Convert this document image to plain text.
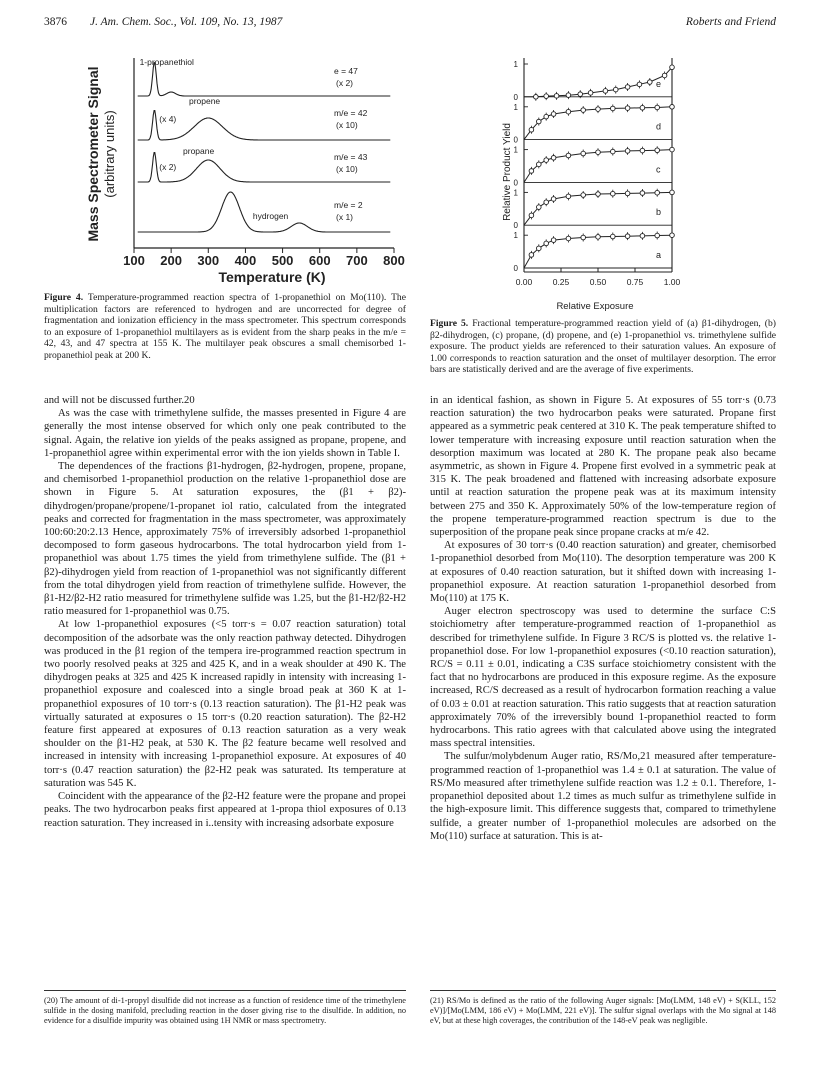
3876 J. Am. Chem. Soc., Vol. 109, No. 13, 1987	Roberts and Friend
100 200 300 400 500 600 700 800
1-propanethiol
e = 47
(x 2)
propene
m/e = 42
(x 10)
(x 4)
propane
m/e = 43
(x 10)
(x 2)
hydrogen
m/e = 2
(x 1)
Mass Spectrometer Signal (arbitrary units)
Temperature (K)
Figure 4. Temperature-programmed reaction spectra of 1-propanethiol on Mo(110). The multiplication factors are referenced to hydrogen and are uncorrected for degree of fragmentation and ionization efficiency in the mass spectrometer. This spectrum corresponds to an exposure of 1-propanethiol multilayers as is evident from the sharp peaks in the m/e = 42, 43, and 47 spectra at 155 K. The multilayer peak obscures a small chemisorbed 1-propanethiol peak at 200 K.
0.00 0.25 0.50 0.75 1.00
0
1
e
0
1
d
0
1
c
0
1
b
0
1
a
Relative Product Yield
Relative Exposure
Figure 5. Fractional temperature-programmed reaction yield of (a) β1-dihydrogen, (b) β2-dihydrogen, (c) propane, (d) propene, and (e) 1-propanethiol vs. trimethylene sulfide exposure. The product yields are referenced to their saturation values. An exposure of 1.00 corresponds to reaction saturation and the onset of multilayer desorption. The error bars are statistically derived and are the average of five experiments.

and will not be discussed further.20

As was the case with trimethylene sulfide, the masses presented in Figure 4 are generally the most intense observed for which only one peak contributed to the signal. Again, the relative ion yields of the peaks assigned as propane, propene, and 1-propanethiol agree within experimental error with the ion yields shown in Table I.

The dependences of the fractions β1-hydrogen, β2-hydrogen, propene, propane, and chemisorbed 1-propanethiol production on the relative 1-propanethiol dose are shown in Figure 5. At saturation exposures, the (β1 + β2)-dihydrogen/propane/propene/1-propanet iol ratio, calculated from the integrated peaks and corrected for fragmentation in the mass spectrometer, was approximately 100:60:20:2.13 Hence, approximately 75% of irreversibly adsorbed 1-propanethiol decomposed to form gaseous hydrocarbons. The total hydrocarbon yield from 1-propanethiol was about 1.75 times the yield from trimethylene sulfide. The (β1 + β2)-dihydrogen yield from reaction of 1-propanethiol was not significantly different from the total dihydrogen yield from reaction of trimethylene sulfide. However, the β1-H2/β2-H2 ratio measured for trimethylene sulfide was 1.25, but the β1-H2/β2-H2 ratio measured for 1-propanethiol was 0.75.

At low 1-propanethiol exposures (<5 torr·s = 0.07 reaction saturation) total decomposition of the adsorbate was the only reaction pathway detected. Dihydrogen was produced in the β1 region of the tempera ire-programmed reaction spectrum in two poorly resolved peaks at 325 and 425 K, and in a weak shoulder at 490 K. The dihydrogen peaks at 325 and 425 K increased rapidly in intensity with increasing 1-propanethiol exposure and coalesced into a single broad peak at 360 K at 1-propanethiol exposures of 10 torr·s (0.13 reaction saturation). The β1-H2 peak was virtually saturated at exposures o 15 torr·s (0.20 reaction saturation). The β2-H2 feature first appeared at exposures of 0.13 reaction saturation as a very weak shoulder on the β1-H2 peak, at 530 K. The β2 feature became well resolved and increased in intensity with increasing 1-propanethiol exposure. At exposures of 40 torr·s (0.47 reaction saturation) the β2-H2 peak was saturated. Its temperature at saturation was 545 K.

Coincident with the appearance of the β2-H2 feature were the propane and propei peaks. The two hydrocarbon peaks first appeared at 1-propa thiol exposures of 0.13 reaction saturation. They increased in i..tensity with increasing adsorbate exposure

in an identical fashion, as shown in Figure 5. At exposures of 55 torr·s (0.73 reaction saturation) the two hydrocarbon peaks were saturated. Propane first appeared as a symmetric peak centered at 310 K. The peak temperature shifted to lower temperature with increasing exposure until reaction saturation when the desorption maximum was located at 280 K. The propane peak also became asymmetric, as shown in Figure 4. Propene first evolved in a symmetric peak at 315 K. The peak broadened and flattened with increasing adsorbate exposure until at reaction saturation the propene peak was at its maximum intensity between 275 and 350 K. Approximately 50% of the low-temperature region of the propene temperature-programmed reaction spectrum is due to the superposition of the propane peak since propane cracks at m/e 42.

At exposures of 30 torr·s (0.40 reaction saturation) and greater, chemisorbed 1-propanethiol desorbed from Mo(110). The desorption temperature was 200 K at exposures of 0.40 reaction saturation, but it shifted down with increasing 1-propanethiol exposure. At reaction saturation 1-propanethiol desorbed from Mo(110) at 175 K.

Auger electron spectroscopy was used to determine the surface C:S stoichiometry after temperature-programmed reaction of 1-propanethiol as described for trimethylene sulfide. In Figure 3 RC/S is plotted vs. the relative 1-propanethiol dose. For low 1-propanethiol exposures (<0.10 reaction saturation), RC/S = 0.11 ± 0.01, indicating a C3S surface stoichiometry consistent with the fact that no hydrocarbons are produced in this exposure regime. As the exposure increased, RC/S decreased as a result of hydrocarbon formation reaching a value of 0.03 ± 0.01 at reaction saturation. This ratio suggests that at reaction saturation approximately 70% of the irreversibly bound 1-propanethiol reacted to form hydrocarbons. This ratio agrees with that calculated above using the integrated mass spectral intensities.

The sulfur/molybdenum Auger ratio, RS/Mo,21 measured after temperature-programmed reaction of 1-propanethiol was 1.4 ± 0.1 at saturation. The value of RS/Mo measured after trimethylene sulfide reaction was 1.2 ± 0.1. Therefore, 1-propanethiol deposited about 1.2 times as much sulfur as trimethylene sulfide in the high-exposure limit. This difference suggests that, compared to trimethylene sulfide, a greater number of 1-propanethiol molecules are adsorbed on the Mo(110) surface at saturation. This is at-

(20) The amount of di-1-propyl disulfide did not increase as a function of residence time of the trimethylene sulfide in the dosing manifold, precluding reaction in the doser giving rise to the disulfide. In addition, no evidence for a disulfide impurity was obtained using 1H NMR or mass spectrometry.
(21) RS/Mo is defined as the ratio of the following Auger signals: [Mo(LMM, 148 eV) + S(KLL, 152 eV)]/[Mo(LMM, 186 eV) + Mo(LMM, 221 eV)]. The sulfur signal overlaps with the Mo signal at 148 eV, but at these high coverages, the contribution of the 148-eV peak was negligible.
